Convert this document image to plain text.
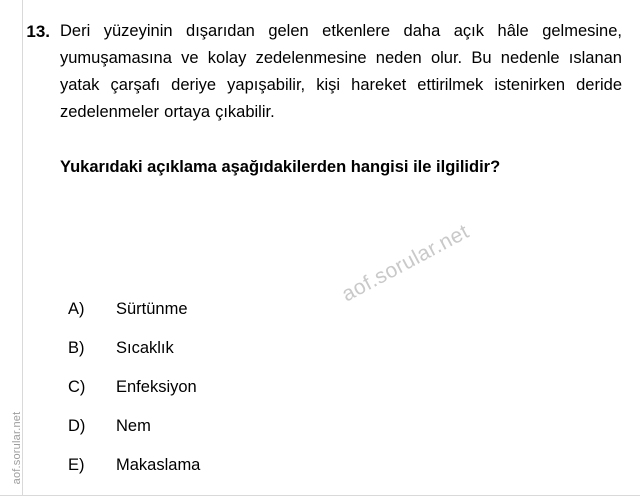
aof.sorular.net
13. Deri yüzeyinin dışarıdan gelen etkenlere daha açık hâle gelmesine, yumuşamasına ve kolay zedelenmesine neden olur. Bu nedenle ıslanan yatak çarşafı deriye yapışabilir, kişi hareket ettirilmek istenirken deride zedelenmeler ortaya çıkabilir.

Yukarıdaki açıklama aşağıdakilerden hangisi ile ilgilidir?

A)	Sürtünme
B)	Sıcaklık
C)	Enfeksiyon
D)	Nem
E)	Makaslama
aof.sorular.net
